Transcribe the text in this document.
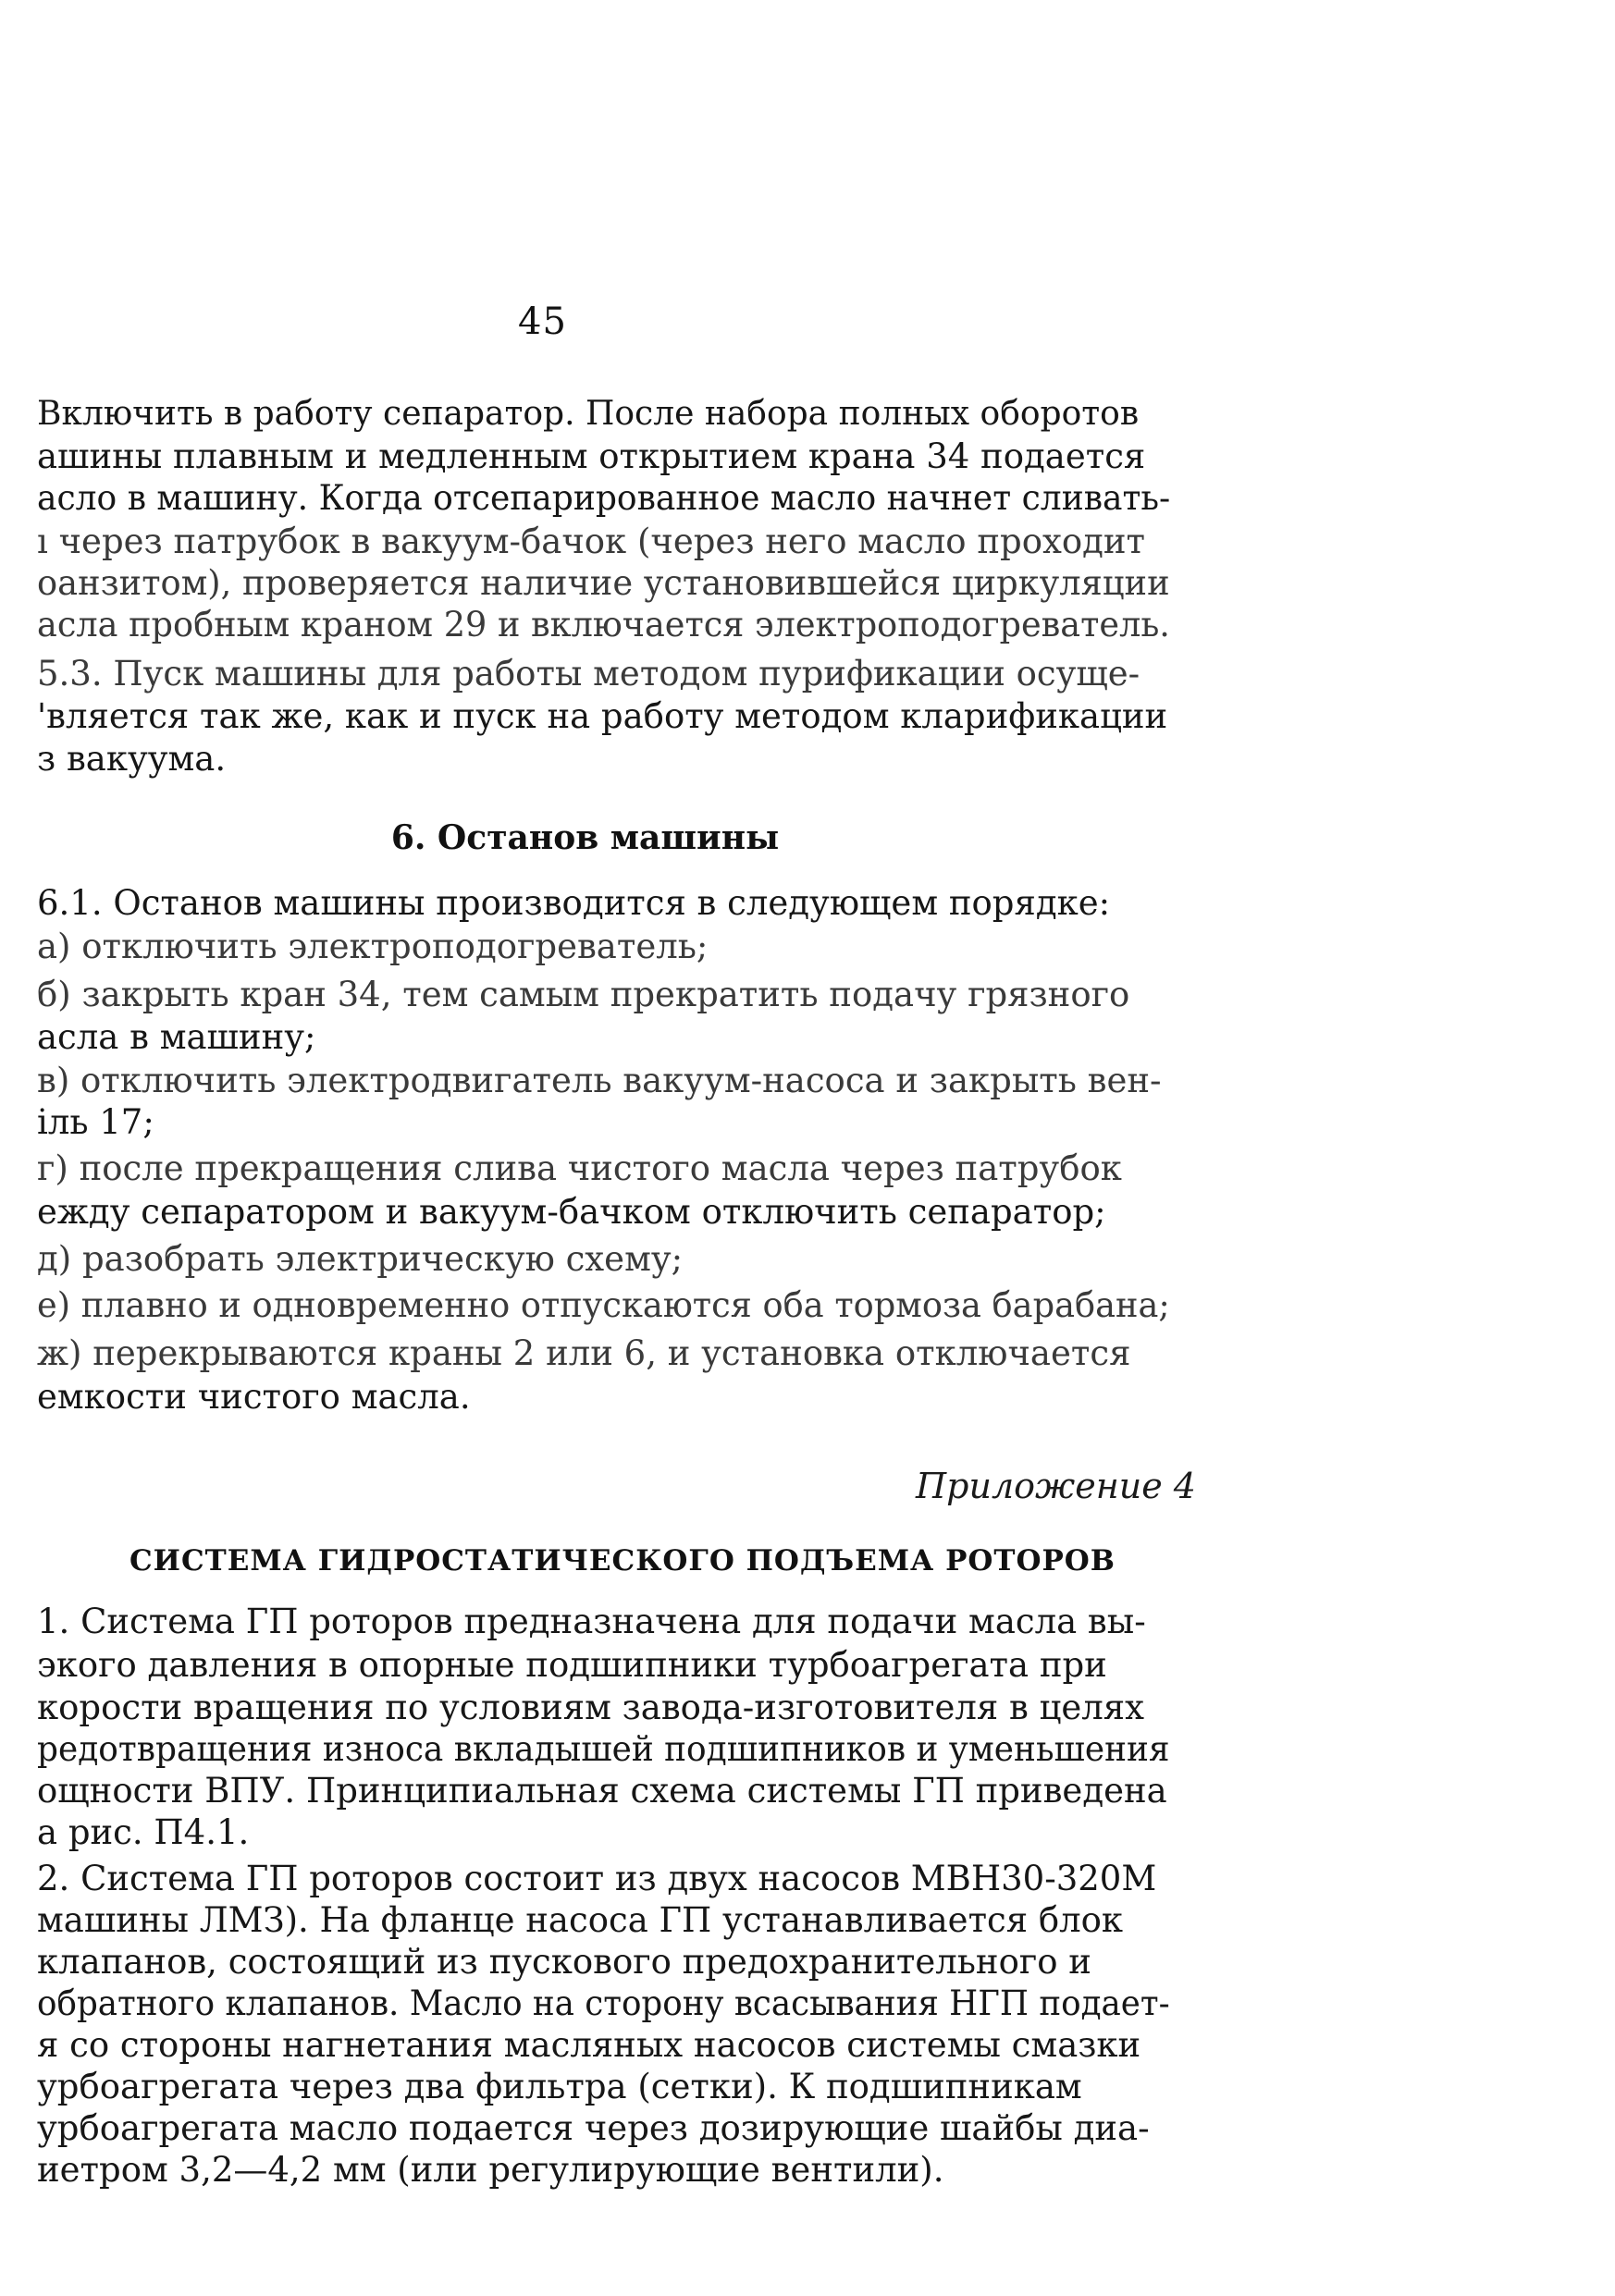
45
Включить в работу сепаратор. После набора полных оборотов
ашины плавным и медленным открытием крана 34 подается
асло в машину. Когда отсепарированное масло начнет сливать-
ı через патрубок в вакуум-бачок (через него масло проходит
оанзитом), проверяется наличие установившейся циркуляции
асла пробным краном 29 и включается электроподогреватель.
5.3. Пуск машины для работы методом пурификации осуще-
'вляется так же, как и пуск на работу методом кларификации
з вакуума.
6. Останов машины
6.1. Останов машины производится в следующем порядке:
а) отключить электроподогреватель;
б) закрыть кран 34, тем самым прекратить подачу грязного
асла в машину;
в) отключить электродвигатель вакуум-насоса и закрыть вен-
іль 17;
г) после прекращения слива чистого масла через патрубок
ежду сепаратором и вакуум-бачком отключить сепаратор;
д) разобрать электрическую схему;
е) плавно и одновременно отпускаются оба тормоза барабана;
ж) перекрываются краны 2 или 6, и установка отключается
емкости чистого масла.
Приложение 4
СИСТЕМА ГИДРОСТАТИЧЕСКОГО ПОДЪЕМА РОТОРОВ
1. Система ГП роторов предназначена для подачи масла вы-
экого давления в опорные подшипники турбоагрегата при
корости вращения по условиям завода-изготовителя в целях
редотвращения износа вкладышей подшипников и уменьшения
ощности ВПУ. Принципиальная схема системы ГП приведена
а рис. П4.1.
2. Система ГП роторов состоит из двух насосов МВН30-320М
машины ЛМЗ). На фланце насоса ГП устанавливается блок
клапанов, состоящий из пускового предохранительного и
обратного клапанов. Масло на сторону всасывания НГП подает-
я со стороны нагнетания масляных насосов системы смазки
урбоагрегата через два фильтра (сетки). К подшипникам
урбоагрегата масло подается через дозирующие шайбы диа-
иетром 3,2—4,2 мм (или регулирующие вентили).
